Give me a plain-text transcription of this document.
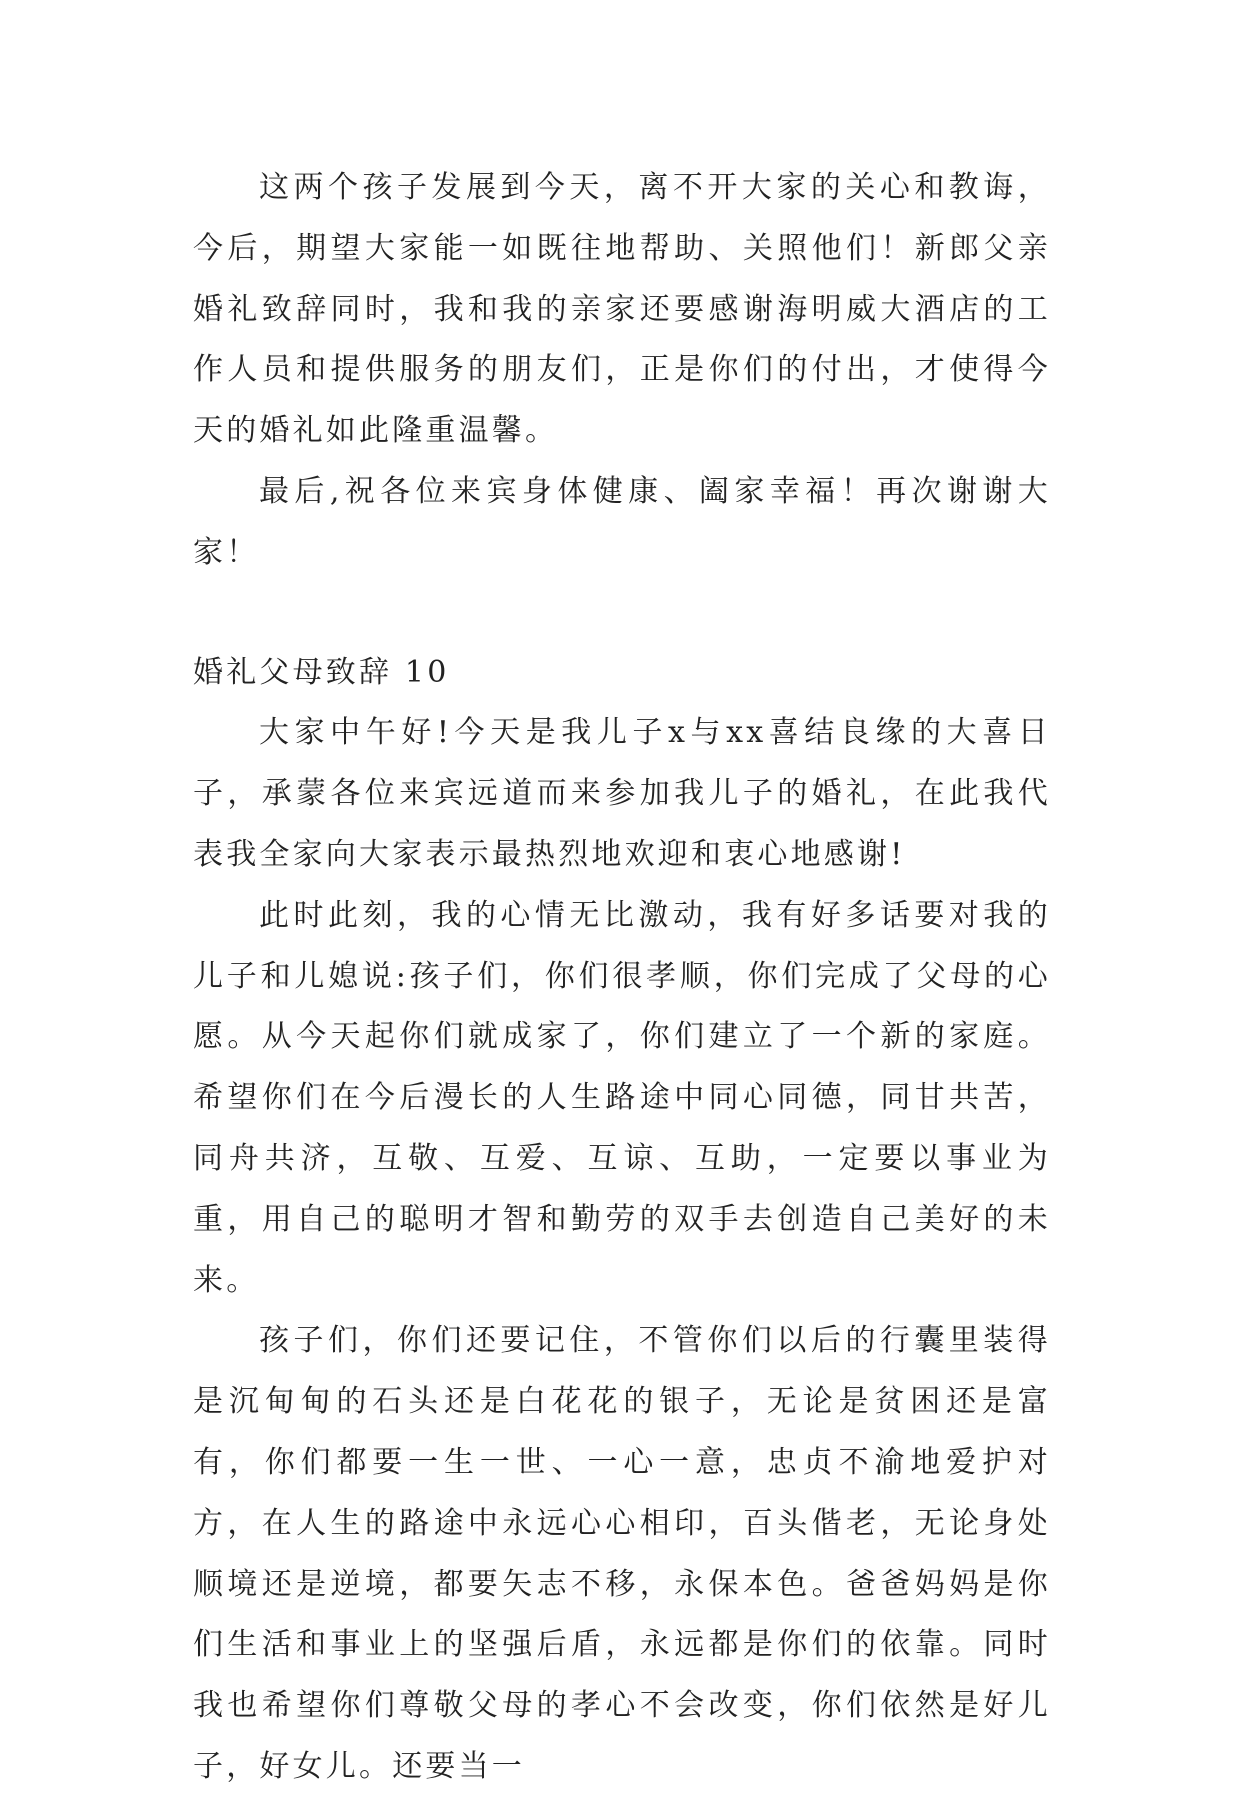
这两个孩子发展到今天，离不开大家的关心和教诲，今后，期望大家能一如既往地帮助、关照他们！新郎父亲婚礼致辞同时，我和我的亲家还要感谢海明威大酒店的工作人员和提供服务的朋友们，正是你们的付出，才使得今天的婚礼如此隆重温馨。

最后,祝各位来宾身体健康、阖家幸福！再次谢谢大家！

婚礼父母致辞 10

大家中午好!今天是我儿子x与xx喜结良缘的大喜日子，承蒙各位来宾远道而来参加我儿子的婚礼，在此我代表我全家向大家表示最热烈地欢迎和衷心地感谢!

此时此刻，我的心情无比激动，我有好多话要对我的儿子和儿媳说:孩子们，你们很孝顺，你们完成了父母的心愿。从今天起你们就成家了，你们建立了一个新的家庭。希望你们在今后漫长的人生路途中同心同德，同甘共苦，同舟共济，互敬、互爱、互谅、互助，一定要以事业为重，用自己的聪明才智和勤劳的双手去创造自己美好的未来。

孩子们，你们还要记住，不管你们以后的行囊里装得是沉甸甸的石头还是白花花的银子，无论是贫困还是富有，你们都要一生一世、一心一意，忠贞不渝地爱护对方，在人生的路途中永远心心相印，百头偕老，无论身处顺境还是逆境，都要矢志不移，永保本色。爸爸妈妈是你们生活和事业上的坚强后盾，永远都是你们的依靠。同时我也希望你们尊敬父母的孝心不会改变，你们依然是好儿子，好女儿。还要当一
